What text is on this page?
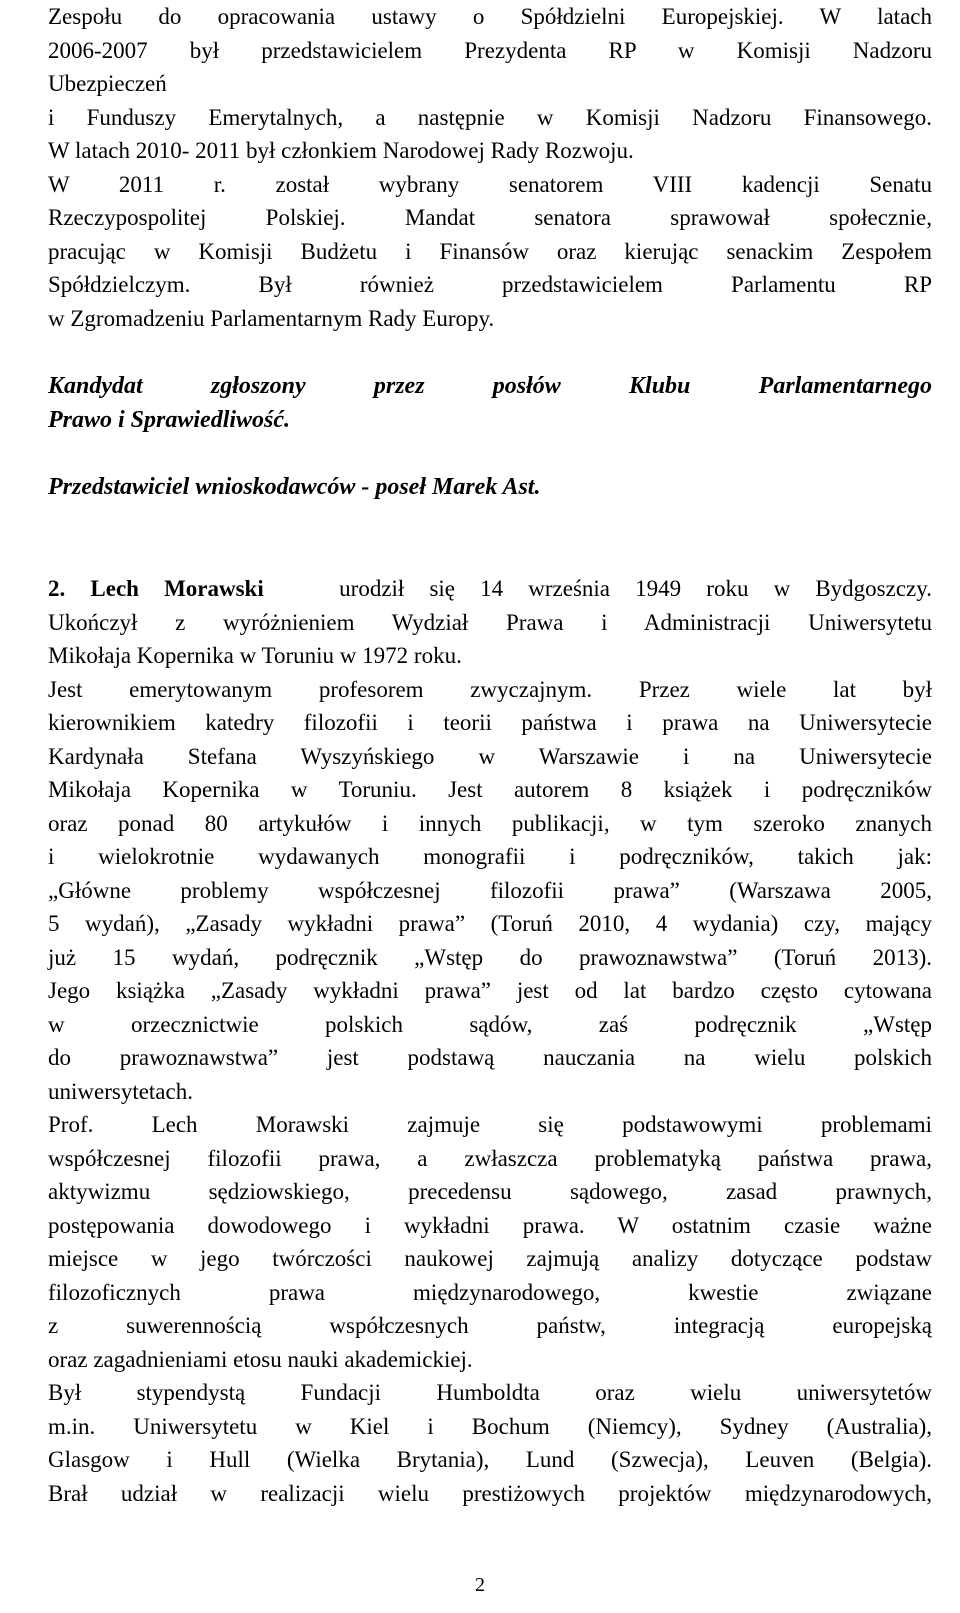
Zespołu do opracowania ustawy o Spółdzielni Europejskiej. W latach
2006-2007 był przedstawicielem Prezydenta RP w Komisji Nadzoru
Ubezpieczeń
i Funduszy Emerytalnych, a następnie w Komisji Nadzoru Finansowego.
W latach 2010- 2011 był członkiem Narodowej Rady Rozwoju.
W 2011 r. został wybrany senatorem VIII kadencji Senatu
Rzeczypospolitej Polskiej. Mandat senatora sprawował społecznie,
pracując w Komisji Budżetu i Finansów oraz kierując senackim Zespołem
Spółdzielczym. Był również przedstawicielem Parlamentu RP
w Zgromadzeniu Parlamentarnym Rady Europy.
Kandydat zgłoszony przez posłów Klubu Parlamentarnego
Prawo i Sprawiedliwość.
Przedstawiciel wnioskodawców - poseł Marek Ast.
2. Lech Morawski	urodził się 14 września 1949 roku w Bydgoszczy.
Ukończył z wyróżnieniem Wydział Prawa i Administracji Uniwersytetu
Mikołaja Kopernika w Toruniu w 1972 roku.
Jest emerytowanym profesorem zwyczajnym. Przez wiele lat był
kierownikiem katedry filozofii i teorii państwa i prawa na Uniwersytecie
Kardynała Stefana Wyszyńskiego w Warszawie i na Uniwersytecie
Mikołaja Kopernika w Toruniu. Jest autorem 8 książek i podręczników
oraz ponad 80 artykułów i innych publikacji, w tym szeroko znanych
i wielokrotnie wydawanych monografii i podręczników, takich jak:
„Główne problemy współczesnej filozofii prawa” (Warszawa 2005,
5 wydań), „Zasady wykładni prawa” (Toruń 2010, 4 wydania) czy, mający
już 15 wydań, podręcznik „Wstęp do prawoznawstwa” (Toruń 2013).
Jego książka „Zasady wykładni prawa” jest od lat bardzo często cytowana
w orzecznictwie polskich sądów, zaś podręcznik „Wstęp
do prawoznawstwa” jest podstawą nauczania na wielu polskich
uniwersytetach.
Prof. Lech Morawski zajmuje się podstawowymi problemami
współczesnej filozofii prawa, a zwłaszcza problematyką państwa prawa,
aktywizmu sędziowskiego, precedensu sądowego, zasad prawnych,
postępowania dowodowego i wykładni prawa. W ostatnim czasie ważne
miejsce w jego twórczości naukowej zajmują analizy dotyczące podstaw
filozoficznych prawa międzynarodowego, kwestie związane
z suwerennością współczesnych państw, integracją europejską
oraz zagadnieniami etosu nauki akademickiej.
Był stypendystą Fundacji Humboldta oraz wielu uniwersytetów
m.in. Uniwersytetu w Kiel i Bochum (Niemcy), Sydney (Australia),
Glasgow i Hull (Wielka Brytania), Lund (Szwecja), Leuven (Belgia).
Brał udział w realizacji wielu prestiżowych projektów międzynarodowych,
2
